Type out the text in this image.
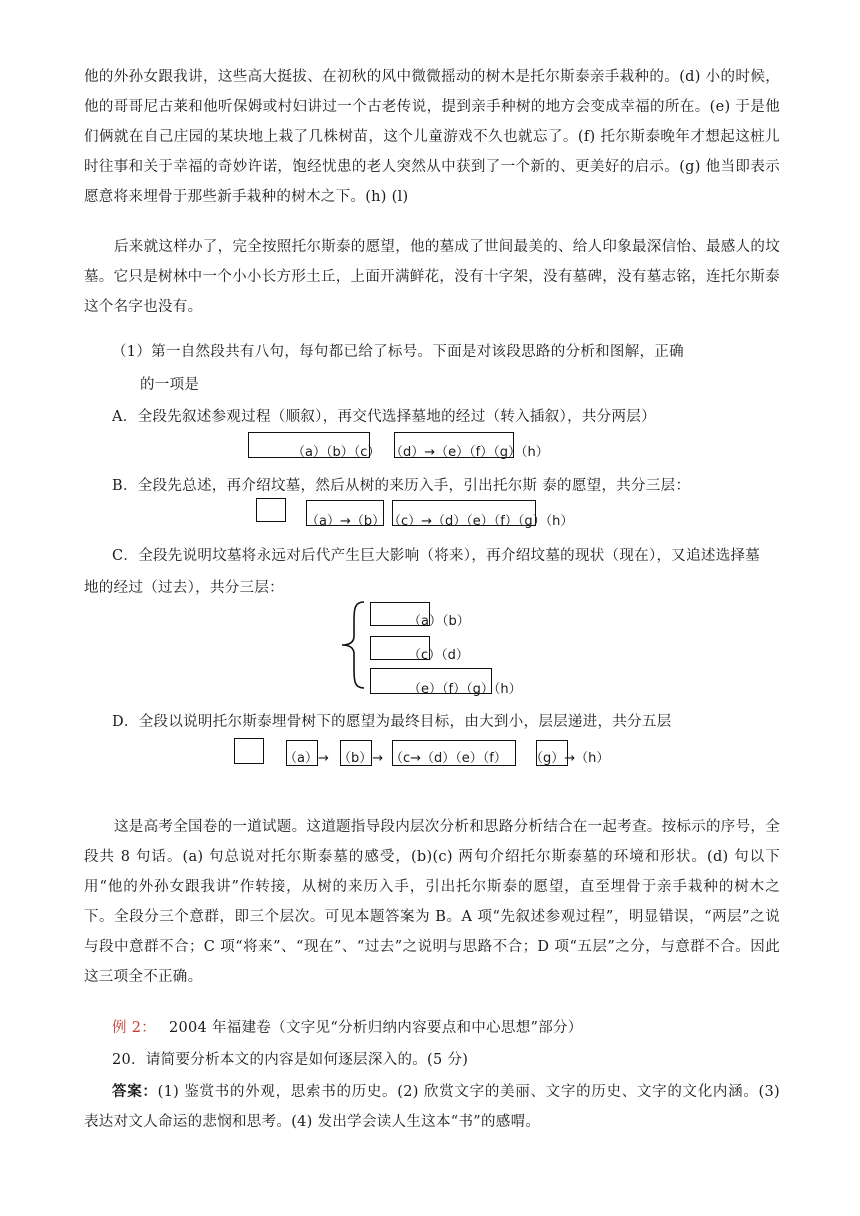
他的外孙女跟我讲，这些高大挺拔、在初秋的风中微微摇动的树木是托尔斯泰亲手栽种的。(d) 小的时候，他的哥哥尼古莱和他听保姆或村妇讲过一个古老传说，提到亲手种树的地方会变成幸福的所在。(e) 于是他们俩就在自己庄园的某块地上栽了几株树苗，这个儿童游戏不久也就忘了。(f) 托尔斯泰晚年才想起这桩儿时往事和关于幸福的奇妙许诺，饱经忧患的老人突然从中获到了一个新的、更美好的启示。(g) 他当即表示愿意将来埋骨于那些新手栽种的树木之下。(h) (l)

后来就这样办了，完全按照托尔斯泰的愿望，他的墓成了世间最美的、给人印象最深信怡、最感人的坟墓。它只是树林中一个小小长方形土丘，上面开满鲜花，没有十字架，没有墓碑，没有墓志铭，连托尔斯泰这个名字也没有。

（1）第一自然段共有八句，每句都已给了标号。下面是对该段思路的分析和图解，正确
的一项是
A．全段先叙述参观过程（顺叙），再交代选择墓地的经过（转入插叙），共分两层）
（a）（b）（c） （d）→（e）（f）（g）（h）
B．全段先总述，再介绍坟墓，然后从树的来历入手，引出托尔斯 泰的愿望，共分三层：
（a）→（b） （c）→（d）（e）（f）（g）（h）
C．全段先说明坟墓将永远对后代产生巨大影响（将来），再介绍坟墓的现状（现在），又追述选择墓
地的经过（过去），共分三层：
（a）（b）
（c）（d）
（e）（f）（g）（h）
D．全段以说明托尔斯泰埋骨树下的愿望为最终目标，由大到小，层层递进，共分五层
（a）→ （b）→ （c→（d）（e）（f） （g）→（h）

这是高考全国卷的一道试题。这道题指导段内层次分析和思路分析结合在一起考查。按标示的序号，全段共 8 句话。(a) 句总说对托尔斯泰墓的感受，(b)(c) 两句介绍托尔斯泰墓的环境和形状。(d) 句以下用“他的外孙女跟我讲”作转接，从树的来历入手，引出托尔斯泰的愿望，直至埋骨于亲手栽种的树木之下。全段分三个意群，即三个层次。可见本题答案为 B。A 项“先叙述参观过程”，明显错误，“两层”之说与段中意群不合；C 项“将来”、“现在”、“过去”之说明与思路不合；D 项“五层”之分，与意群不合。因此这三项全不正确。

例 2： 2004 年福建卷（文字见“分析归纳内容要点和中心思想”部分）
20．请简要分析本文的内容是如何逐层深入的。(5 分)

答案：(1) 鉴赏书的外观，思索书的历史。(2) 欣赏文字的美丽、文字的历史、文字的文化内涵。(3) 表达对文人命运的悲悯和思考。(4) 发出学会读人生这本“书”的感喟。
